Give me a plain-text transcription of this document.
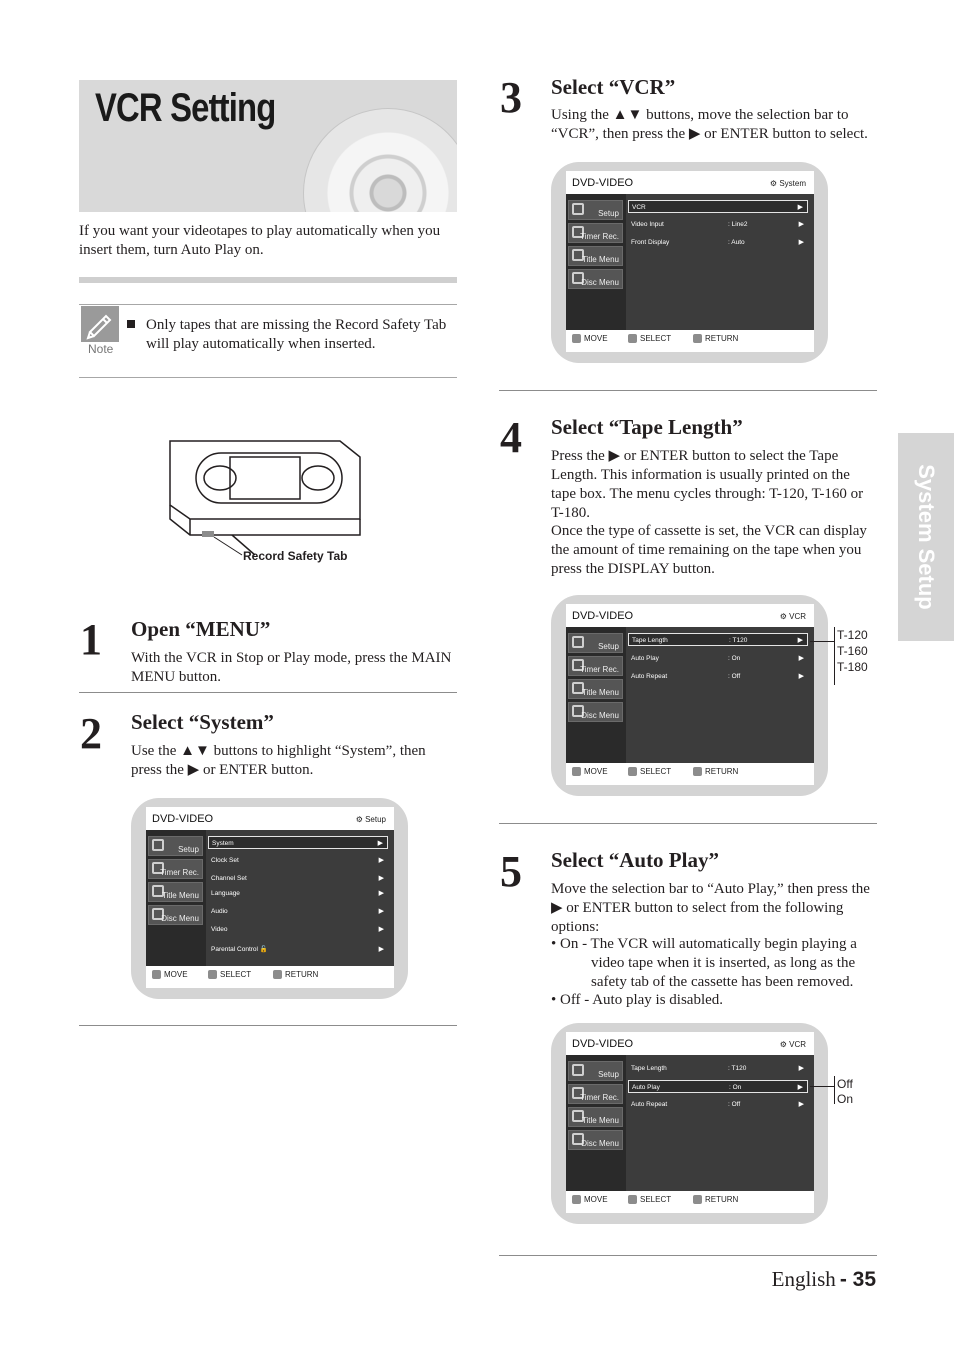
VCR Setting
If you want your videotapes to play automatically when you insert them, turn Auto Play on.
Note
Only tapes that are missing the Record Safety Tab will play automatically when inserted.
Record Safety Tab
1 Open “MENU”
With the VCR in Stop or Play mode, press the MAIN MENU button.
2 Select “System”
Use the ▲▼ buttons to highlight “System”, then press the ▶ or ENTER button.
DVD-VIDEO	⚙ Setup
Setup
Timer Rec.
Title Menu
Disc Menu
System	▶
Clock Set	▶
Channel Set	▶
Language	▶
Audio	▶
Video	▶
Parental Control 🔓	▶
MOVE	SELECT	RETURN
3 Select “VCR”
Using the ▲▼ buttons, move the selection bar to “VCR”, then press the ▶ or ENTER button to select.
DVD-VIDEO	⚙ System
Setup
Timer Rec.
Title Menu
Disc Menu
VCR	▶
Video Input	: Line2	▶
Front Display	: Auto	▶
MOVE	SELECT	RETURN
4 Select “Tape Length”
Press the ▶ or ENTER button to select the Tape Length. This information is usually printed on the tape box. The menu cycles through: T-120, T-160 or T-180.
Once the type of cassette is set, the VCR can display the amount of time remaining on the tape when you press the DISPLAY button.
DVD-VIDEO	⚙ VCR
Setup
Timer Rec.
Title Menu
Disc Menu
Tape Length	: T120	▶
Auto Play	: On	▶
Auto Repeat	: Off	▶
MOVE	SELECT	RETURN
T-120
T-160
T-180
5 Select “Auto Play”
Move the selection bar to “Auto Play,” then press the ▶ or ENTER button to select from the following options:
• On - The VCR will automatically begin playing a
video tape when it is inserted, as long as the safety tab of the cassette has been removed.
• Off - Auto play is disabled.
DVD-VIDEO	⚙ VCR
Setup
Timer Rec.
Title Menu
Disc Menu
Tape Length	: T120	▶
Auto Play	: On	▶
Auto Repeat	: Off	▶
MOVE	SELECT	RETURN
Off
On
System Setup
English - 35
